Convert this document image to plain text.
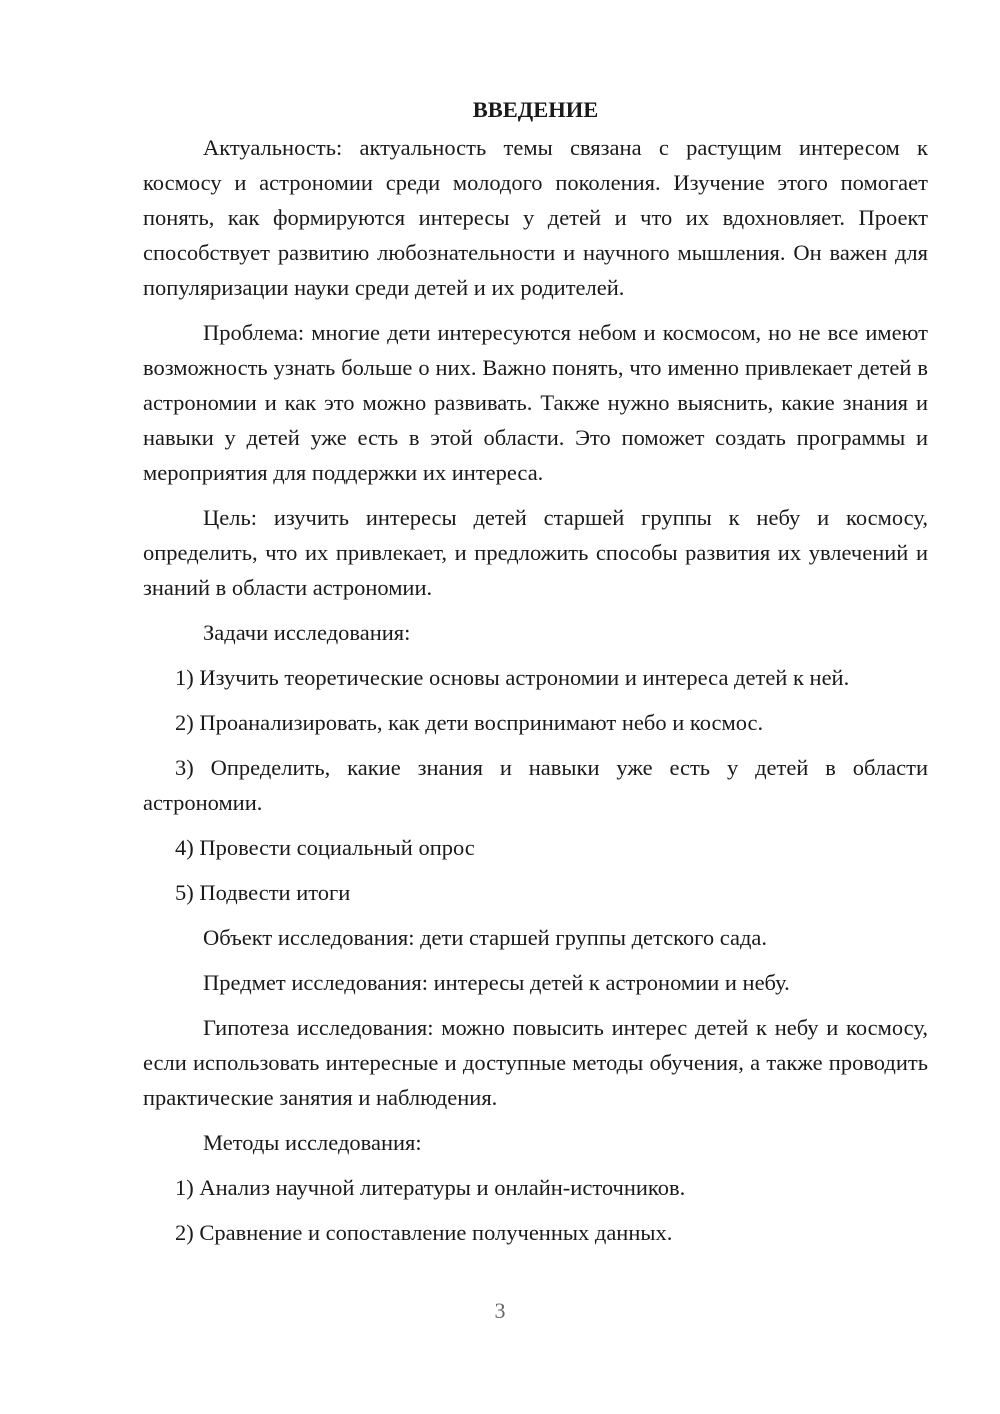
ВВЕДЕНИЕ

Актуальность: актуальность темы связана с растущим интересом к космосу и астрономии среди молодого поколения. Изучение этого помогает понять, как формируются интересы у детей и что их вдохновляет. Проект способствует развитию любознательности и научного мышления. Он важен для популяризации науки среди детей и их родителей.

Проблема: многие дети интересуются небом и космосом, но не все имеют возможность узнать больше о них. Важно понять, что именно привлекает детей в астрономии и как это можно развивать. Также нужно выяснить, какие знания и навыки у детей уже есть в этой области. Это поможет создать программы и мероприятия для поддержки их интереса.

Цель: изучить интересы детей старшей группы к небу и космосу, определить, что их привлекает, и предложить способы развития их увлечений и знаний в области астрономии.

Задачи исследования:

1) Изучить теоретические основы астрономии и интереса детей к ней.

2) Проанализировать, как дети воспринимают небо и космос.

3) Определить, какие знания и навыки уже есть у детей в области астрономии.

4) Провести социальный опрос

5) Подвести итоги

Объект исследования: дети старшей группы детского сада.

Предмет исследования: интересы детей к астрономии и небу.

Гипотеза исследования: можно повысить интерес детей к небу и космосу, если использовать интересные и доступные методы обучения, а также проводить практические занятия и наблюдения.

Методы исследования:

1) Анализ научной литературы и онлайн-источников.

2) Сравнение и сопоставление полученных данных.

3
